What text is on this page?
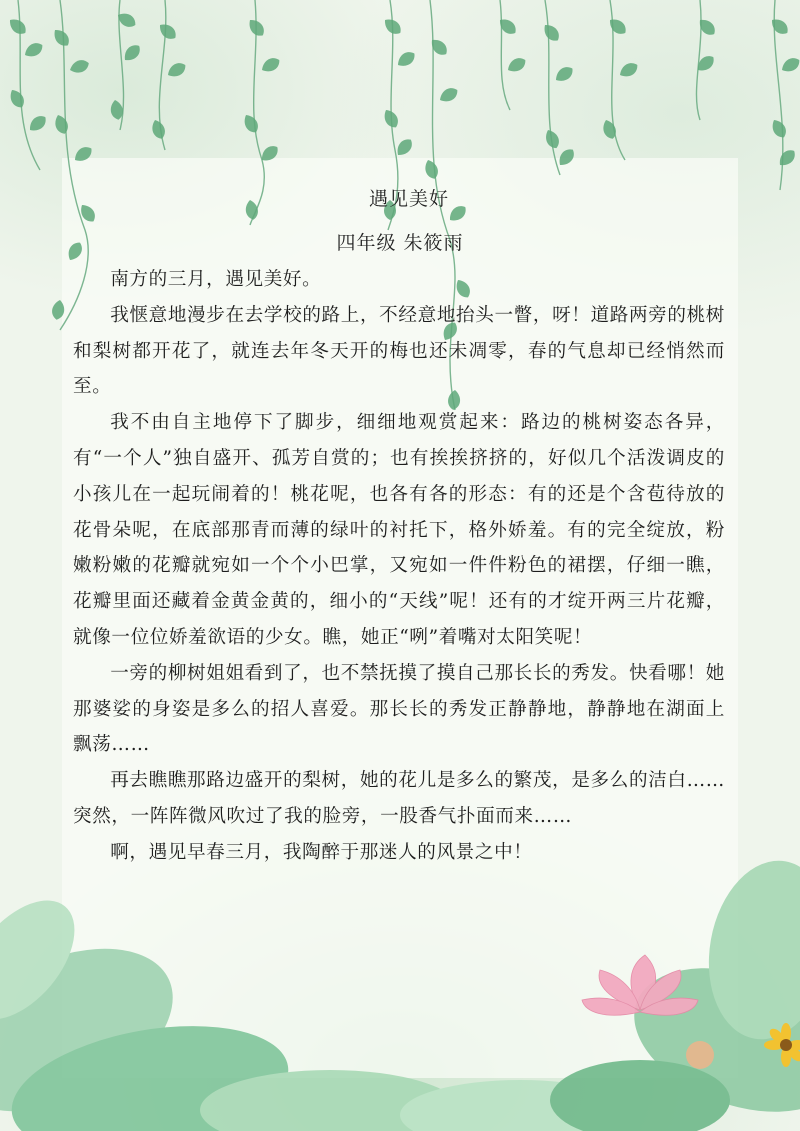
遇见美好
四年级 朱筱雨

南方的三月，遇见美好。

我惬意地漫步在去学校的路上，不经意地抬头一瞥，呀！道路两旁的桃树和梨树都开花了，就连去年冬天开的梅也还未凋零，春的气息却已经悄然而至。

我不由自主地停下了脚步，细细地观赏起来：路边的桃树姿态各异，有“一个人”独自盛开、孤芳自赏的；也有挨挨挤挤的，好似几个活泼调皮的小孩儿在一起玩闹着的！桃花呢，也各有各的形态：有的还是个含苞待放的花骨朵呢，在底部那青而薄的绿叶的衬托下，格外娇羞。有的完全绽放，粉嫩粉嫩的花瓣就宛如一个个小巴掌，又宛如一件件粉色的裙摆，仔细一瞧，花瓣里面还藏着金黄金黄的，细小的“天线”呢！还有的才绽开两三片花瓣，就像一位位娇羞欲语的少女。瞧，她正“咧”着嘴对太阳笑呢！

一旁的柳树姐姐看到了，也不禁抚摸了摸自己那长长的秀发。快看哪！她那婆娑的身姿是多么的招人喜爱。那长长的秀发正静静地，静静地在湖面上飘荡……

再去瞧瞧那路边盛开的梨树，她的花儿是多么的繁茂，是多么的洁白……突然，一阵阵微风吹过了我的脸旁，一股香气扑面而来……

啊，遇见早春三月，我陶醉于那迷人的风景之中！
